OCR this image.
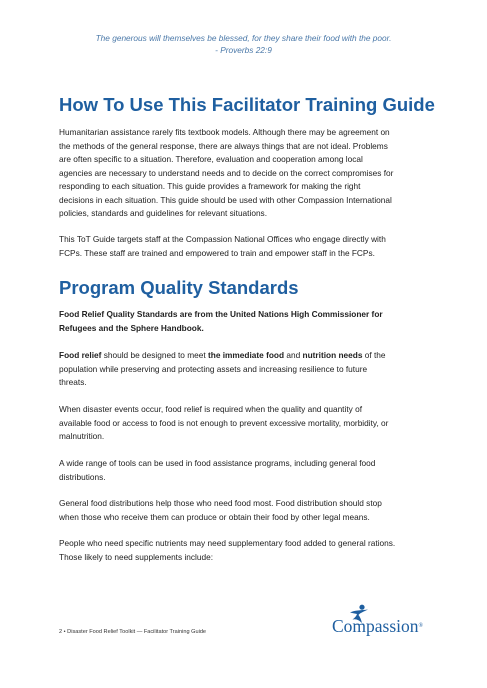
The generous will themselves be blessed, for they share their food with the poor.
- Proverbs 22:9
How To Use This Facilitator Training Guide
Humanitarian assistance rarely fits textbook models. Although there may be agreement on
the methods of the general response, there are always things that are not ideal. Problems
are often specific to a situation. Therefore, evaluation and cooperation among local
agencies are necessary to understand needs and to decide on the correct compromises for
responding to each situation. This guide provides a framework for making the right
decisions in each situation. This guide should be used with other Compassion International
policies, standards and guidelines for relevant situations.
This ToT Guide targets staff at the Compassion National Offices who engage directly with
FCPs. These staff are trained and empowered to train and empower staff in the FCPs.
Program Quality Standards
Food Relief Quality Standards are from the United Nations High Commissioner for
Refugees and the Sphere Handbook.
Food relief should be designed to meet the immediate food and nutrition needs of the
population while preserving and protecting assets and increasing resilience to future
threats.
When disaster events occur, food relief is required when the quality and quantity of
available food or access to food is not enough to prevent excessive mortality, morbidity, or
malnutrition.
A wide range of tools can be used in food assistance programs, including general food
distributions.
General food distributions help those who need food most. Food distribution should stop
when those who receive them can produce or obtain their food by other legal means.
People who need specific nutrients may need supplementary food added to general rations.
Those likely to need supplements include:
2 • Disaster Food Relief Toolkit — Facilitator Training Guide	Compassion®
